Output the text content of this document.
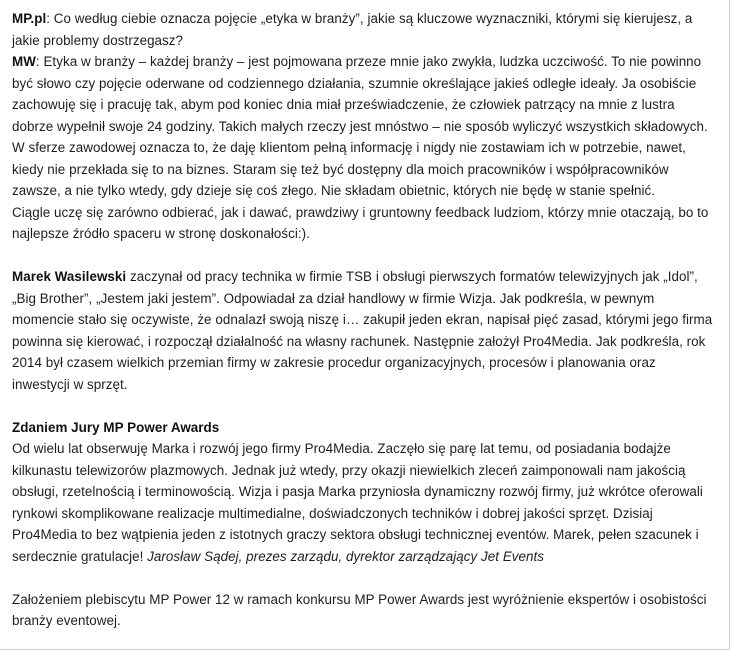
MP.pl: Co według ciebie oznacza pojęcie „etyka w branży”, jakie są kluczowe wyznaczniki, którymi się kierujesz, a jakie problemy dostrzegasz?
MW: Etyka w branży – każdej branży – jest pojmowana przeze mnie jako zwykła, ludzka uczciwość. To nie powinno być słowo czy pojęcie oderwane od codziennego działania, szumnie określające jakieś odległe ideały. Ja osobiście zachowuję się i pracuję tak, abym pod koniec dnia miał przeświadczenie, że człowiek patrzący na mnie z lustra dobrze wypełnił swoje 24 godziny. Takich małych rzeczy jest mnóstwo – nie sposób wyliczyć wszystkich składowych. W sferze zawodowej oznacza to, że daję klientom pełną informację i nigdy nie zostawiam ich w potrzebie, nawet, kiedy nie przekłada się to na biznes. Staram się też być dostępny dla moich pracowników i współpracowników zawsze, a nie tylko wtedy, gdy dzieje się coś złego. Nie składam obietnic, których nie będę w stanie spełnić.
Ciągle uczę się zarówno odbierać, jak i dawać, prawdziwy i gruntowny feedback ludziom, którzy mnie otaczają, bo to najlepsze źródło spaceru w stronę doskonałości:).

Marek Wasilewski zaczynał od pracy technika w firmie TSB i obsługi pierwszych formatów telewizyjnych jak „Idol”, „Big Brother”, „Jestem jaki jestem”. Odpowiadał za dział handlowy w firmie Wizja. Jak podkreśla, w pewnym momencie stało się oczywiste, że odnalazł swoją niszę i… zakupił jeden ekran, napisał pięć zasad, którymi jego firma powinna się kierować, i rozpoczął działalność na własny rachunek. Następnie założył Pro4Media. Jak podkreśla, rok 2014 był czasem wielkich przemian firmy w zakresie procedur organizacyjnych, procesów i planowania oraz inwestycji w sprzęt.

Zdaniem Jury MP Power Awards
Od wielu lat obserwuję Marka i rozwój jego firmy Pro4Media. Zaczęło się parę lat temu, od posiadania bodajże kilkunastu telewizorów plazmowych. Jednak już wtedy, przy okazji niewielkich zleceń zaimponowali nam jakością obsługi, rzetelnością i terminowością. Wizja i pasja Marka przyniosła dynamiczny rozwój firmy, już wkrótce oferowali rynkowi skomplikowane realizacje multimedialne, doświadczonych techników i dobrej jakości sprzęt. Dzisiaj Pro4Media to bez wątpienia jeden z istotnych graczy sektora obsługi technicznej eventów. Marek, pełen szacunek i serdecznie gratulacje! Jarosław Sądej, prezes zarządu, dyrektor zarządzający Jet Events

Założeniem plebiscytu MP Power 12 w ramach konkursu MP Power Awards jest wyróżnienie ekspertów i osobistości branży eventowej.
